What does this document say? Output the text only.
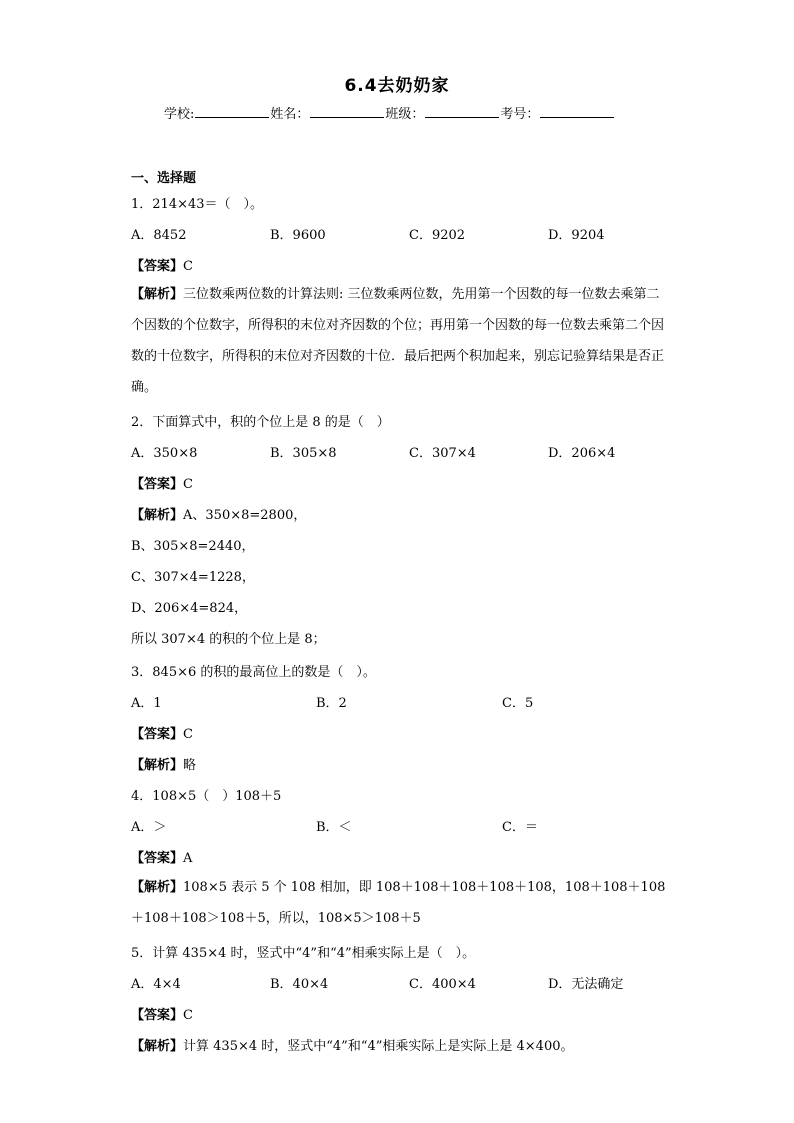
6.4去奶奶家
学校:	姓名：	班级：	考号：
一、选择题
1．214×43＝（　）。
A．8452	B．9600	C．9202	D．9204
【答案】C
【解析】三位数乘两位数的计算法则: 三位数乘两位数，先用第一个因数的每一位数去乘第二个因数的个位数字，所得积的末位对齐因数的个位；再用第一个因数的每一位数去乘第二个因数的十位数字，所得积的末位对齐因数的十位．最后把两个积加起来，别忘记验算结果是否正确。
2．下面算式中，积的个位上是 8 的是（　）
A．350×8	B．305×8	C．307×4	D．206×4
【答案】C
【解析】A、350×8=2800，
B、305×8=2440，
C、307×4=1228，
D、206×4=824，
所以 307×4 的积的个位上是 8；
3．845×6 的积的最高位上的数是（　）。
A．1	B．2	C．5
【答案】C
【解析】略
4．108×5（　）108＋5
A．＞	B．＜	C．＝
【答案】A
【解析】108×5 表示 5 个 108 相加，即 108＋108＋108＋108＋108，108＋108＋108＋108＋108＞108＋5，所以，108×5＞108＋5
5．计算 435×4 时，竖式中“4”和“4”相乘实际上是（　）。
A．4×4	B．40×4	C．400×4	D．无法确定
【答案】C
【解析】计算 435×4 时，竖式中“4”和“4”相乘实际上是实际上是 4×400。
